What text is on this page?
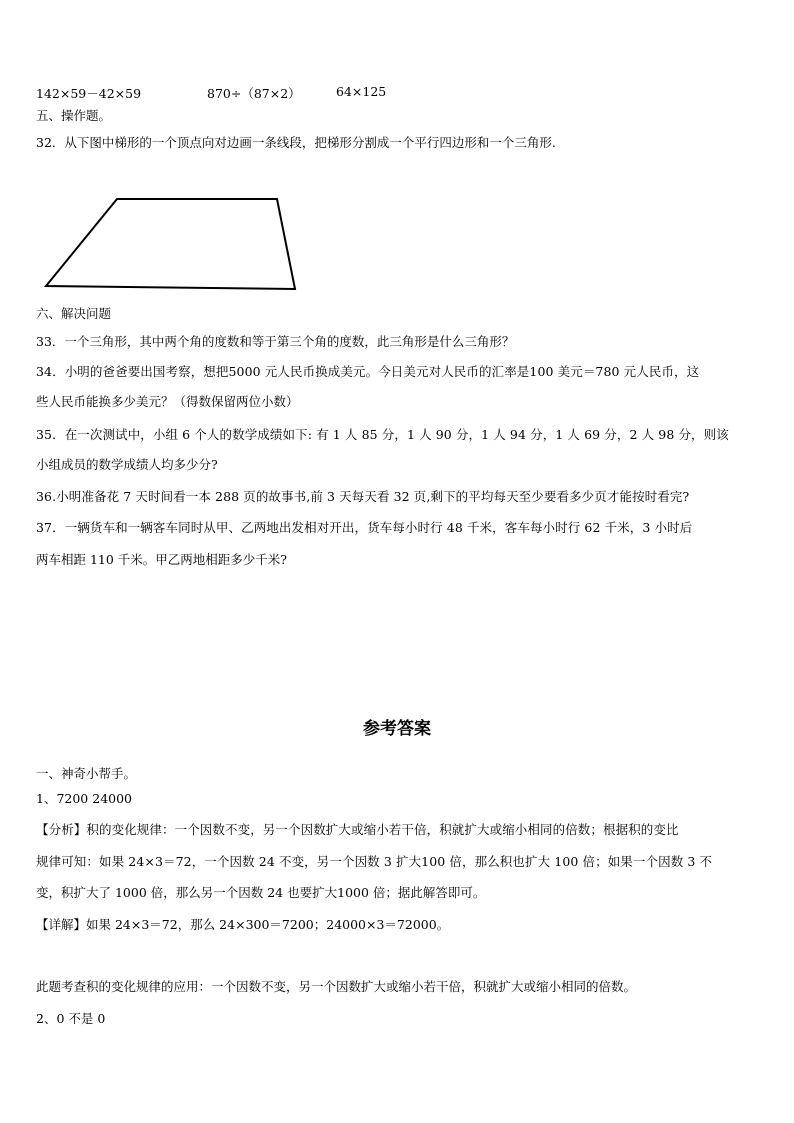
142×59－42×59	870÷（87×2）	64×125
五、操作题。
32．从下图中梯形的一个顶点向对边画一条线段，把梯形分割成一个平行四边形和一个三角形.
六、解决问题
33．一个三角形，其中两个角的度数和等于第三个角的度数，此三角形是什么三角形？
34．小明的爸爸要出国考察，想把5000 元人民币换成美元。今日美元对人民币的汇率是100 美元＝780 元人民币，这
些人民币能换多少美元？（得数保留两位小数）
35．在一次测试中，小组 6 个人的数学成绩如下: 有 1 人 85 分，1 人 90 分，1 人 94 分，1 人 69 分，2 人 98 分，则该
小组成员的数学成绩人均多少分?
36.小明准备花 7 天时间看一本 288 页的故事书,前 3 天每天看 32 页,剩下的平均每天至少要看多少页才能按时看完?
37．一辆货车和一辆客车同时从甲、乙两地出发相对开出，货车每小时行 48 千米，客车每小时行 62 千米，3 小时后
两车相距 110 千米。甲乙两地相距多少千米?
参考答案
一、神奇小帮手。
1、7200 24000
【分析】积的变化规律：一个因数不变，另一个因数扩大或缩小若干倍，积就扩大或缩小相同的倍数；根据积的变比
规律可知：如果 24×3＝72，一个因数 24 不变，另一个因数 3 扩大100 倍，那么积也扩大 100 倍；如果一个因数 3 不
变，积扩大了 1000 倍，那么另一个因数 24 也要扩大1000 倍；据此解答即可。
【详解】如果 24×3＝72，那么 24×300＝7200；24000×3＝72000。
此题考查积的变化规律的应用：一个因数不变，另一个因数扩大或缩小若干倍，积就扩大或缩小相同的倍数。
2、0 不是 0
